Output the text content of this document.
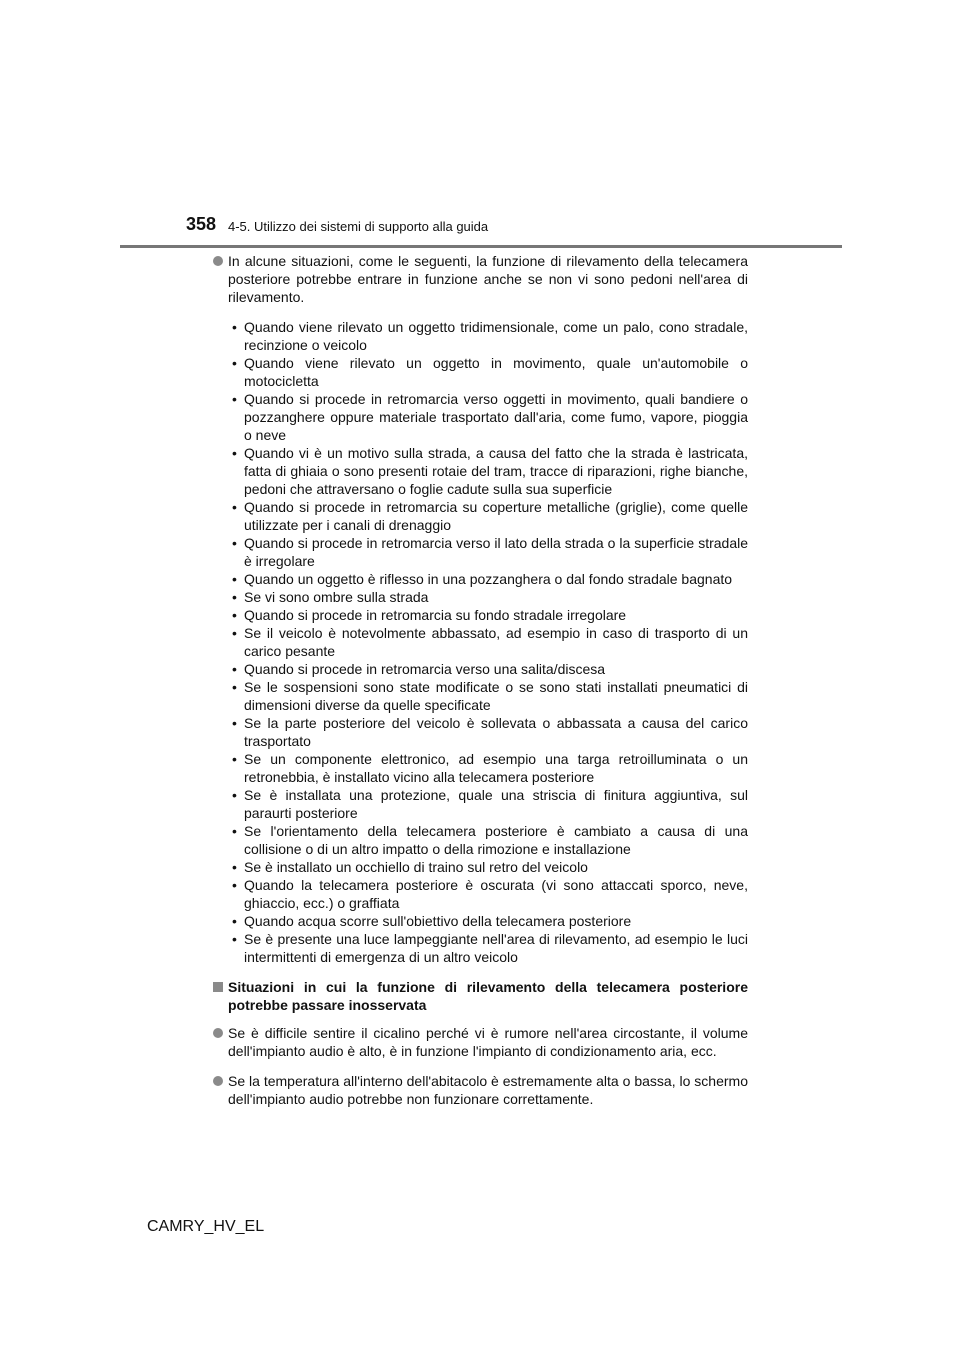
358 4-5. Utilizzo dei sistemi di supporto alla guida

In alcune situazioni, come le seguenti, la funzione di rilevamento della telecamera posteriore potrebbe entrare in funzione anche se non vi sono pedoni nell'area di rilevamento.

• Quando viene rilevato un oggetto tridimensionale, come un palo, cono stradale, recinzione o veicolo
• Quando viene rilevato un oggetto in movimento, quale un'automobile o motocicletta
• Quando si procede in retromarcia verso oggetti in movimento, quali bandiere o pozzanghere oppure materiale trasportato dall'aria, come fumo, vapore, pioggia o neve
• Quando vi è un motivo sulla strada, a causa del fatto che la strada è lastricata, fatta di ghiaia o sono presenti rotaie del tram, tracce di riparazioni, righe bianche, pedoni che attraversano o foglie cadute sulla sua superficie
• Quando si procede in retromarcia su coperture metalliche (griglie), come quelle utilizzate per i canali di drenaggio
• Quando si procede in retromarcia verso il lato della strada o la superficie stradale è irregolare
• Quando un oggetto è riflesso in una pozzanghera o dal fondo stradale bagnato
• Se vi sono ombre sulla strada
• Quando si procede in retromarcia su fondo stradale irregolare
• Se il veicolo è notevolmente abbassato, ad esempio in caso di trasporto di un carico pesante
• Quando si procede in retromarcia verso una salita/discesa
• Se le sospensioni sono state modificate o se sono stati installati pneumatici di dimensioni diverse da quelle specificate
• Se la parte posteriore del veicolo è sollevata o abbassata a causa del carico trasportato
• Se un componente elettronico, ad esempio una targa retroilluminata o un retronebbia, è installato vicino alla telecamera posteriore
• Se è installata una protezione, quale una striscia di finitura aggiuntiva, sul paraurti posteriore
• Se l'orientamento della telecamera posteriore è cambiato a causa di una collisione o di un altro impatto o della rimozione e installazione
• Se è installato un occhiello di traino sul retro del veicolo
• Quando la telecamera posteriore è oscurata (vi sono attaccati sporco, neve, ghiaccio, ecc.) o graffiata
• Quando acqua scorre sull'obiettivo della telecamera posteriore
• Se è presente una luce lampeggiante nell'area di rilevamento, ad esempio le luci intermittenti di emergenza di un altro veicolo

Situazioni in cui la funzione di rilevamento della telecamera posteriore potrebbe passare inosservata

Se è difficile sentire il cicalino perché vi è rumore nell'area circostante, il volume dell'impianto audio è alto, è in funzione l'impianto di condizionamento aria, ecc.

Se la temperatura all'interno dell'abitacolo è estremamente alta o bassa, lo schermo dell'impianto audio potrebbe non funzionare correttamente.

CAMRY_HV_EL
